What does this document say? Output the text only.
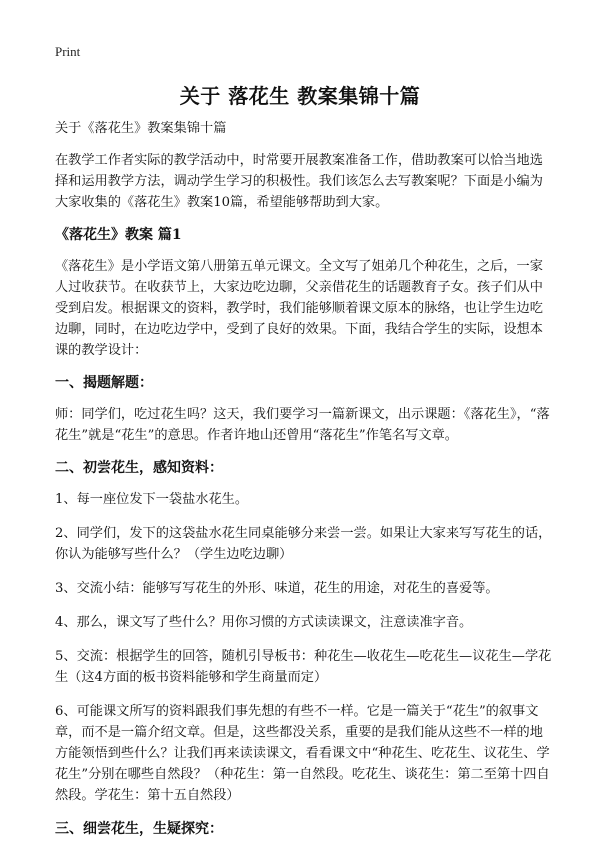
Print
关于 落花生 教案集锦十篇

关于《落花生》教案集锦十篇

在教学工作者实际的教学活动中，时常要开展教案准备工作，借助教案可以恰当地选择和运用教学方法，调动学生学习的积极性。我们该怎么去写教案呢？下面是小编为大家收集的《落花生》教案10篇，希望能够帮助到大家。

《落花生》教案 篇1

《落花生》是小学语文第八册第五单元课文。全文写了姐弟几个种花生，之后，一家人过收获节。在收获节上，大家边吃边聊，父亲借花生的话题教育子女。孩子们从中受到启发。根据课文的资料，教学时，我们能够顺着课文原本的脉络，也让学生边吃边聊，同时，在边吃边学中，受到了良好的效果。下面，我结合学生的实际，设想本课的教学设计：

一、揭题解题：

师：同学们，吃过花生吗？这天，我们要学习一篇新课文，出示课题：《落花生》，“落花生”就是“花生”的意思。作者许地山还曾用“落花生”作笔名写文章。

二、初尝花生，感知资料：

1、每一座位发下一袋盐水花生。

2、同学们，发下的这袋盐水花生同桌能够分来尝一尝。如果让大家来写写花生的话，你认为能够写些什么？（学生边吃边聊）

3、交流小结：能够写写花生的外形、味道，花生的用途，对花生的喜爱等。

4、那么，课文写了些什么？用你习惯的方式读读课文，注意读准字音。

5、交流：根据学生的回答，随机引导板书：种花生—收花生—吃花生—议花生—学花生（这4方面的板书资料能够和学生商量而定）

6、可能课文所写的资料跟我们事先想的有些不一样。它是一篇关于“花生”的叙事文章，而不是一篇介绍文章。但是，这些都没关系，重要的是我们能从这些不一样的地方能领悟到些什么？让我们再来读读课文，看看课文中“种花生、吃花生、议花生、学花生”分别在哪些自然段？（种花生：第一自然段。吃花生、谈花生：第二至第十四自然段。学花生：第十五自然段）

三、细尝花生，生疑探究：
